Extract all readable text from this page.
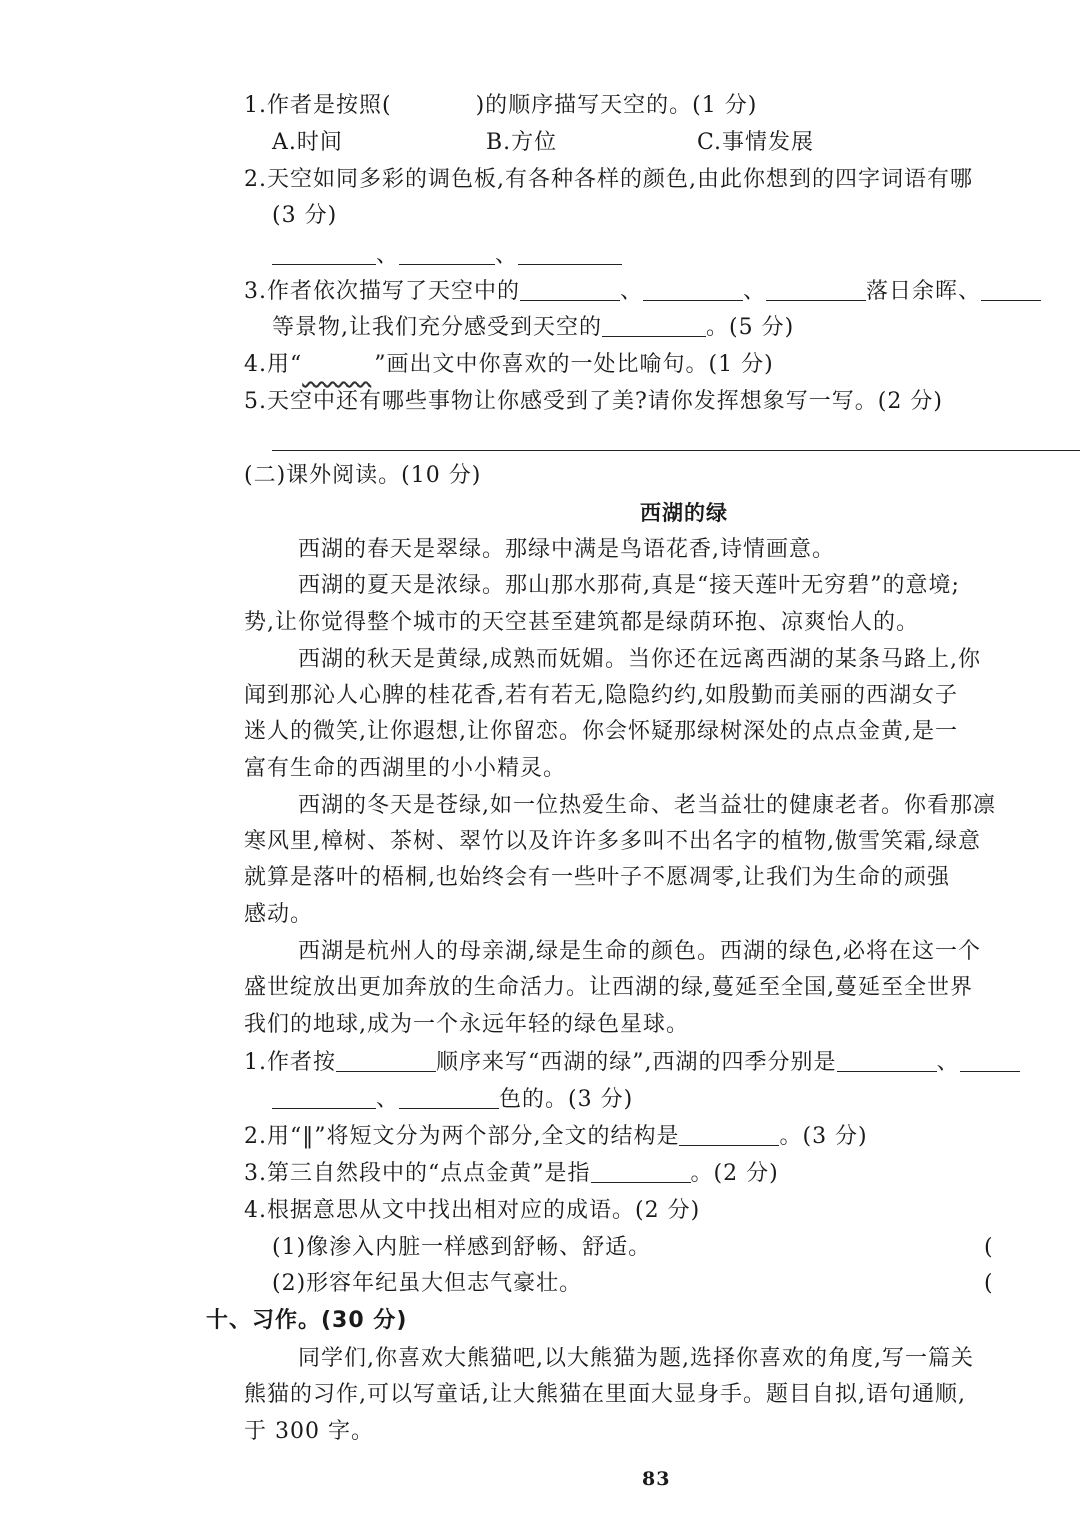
1.作者是按照(	)的顺序描写天空的。(1 分)
A.时间	B.方位	C.事情发展
2.天空如同多彩的调色板,有各种各样的颜色,由此你想到的四字词语有哪
(3 分)
、	、
3.作者依次描写了天空中的	、	、	落日余晖、
等景物,让我们充分感受到天空的	。(5 分)
4.用“	”画出文中你喜欢的一处比喻句。(1 分)
5.天空中还有哪些事物让你感受到了美?请你发挥想象写一写。(2 分)
(二)课外阅读。(10 分)
西湖的绿
西湖的春天是翠绿。那绿中满是鸟语花香,诗情画意。
西湖的夏天是浓绿。那山那水那荷,真是“接天莲叶无穷碧”的意境;
势,让你觉得整个城市的天空甚至建筑都是绿荫环抱、凉爽怡人的。
西湖的秋天是黄绿,成熟而妩媚。当你还在远离西湖的某条马路上,你
闻到那沁人心脾的桂花香,若有若无,隐隐约约,如殷勤而美丽的西湖女子
迷人的微笑,让你遐想,让你留恋。你会怀疑那绿树深处的点点金黄,是一
富有生命的西湖里的小小精灵。
西湖的冬天是苍绿,如一位热爱生命、老当益壮的健康老者。你看那凛
寒风里,樟树、茶树、翠竹以及许许多多叫不出名字的植物,傲雪笑霜,绿意
就算是落叶的梧桐,也始终会有一些叶子不愿凋零,让我们为生命的顽强
感动。
西湖是杭州人的母亲湖,绿是生命的颜色。西湖的绿色,必将在这一个
盛世绽放出更加奔放的生命活力。让西湖的绿,蔓延至全国,蔓延至全世界
我们的地球,成为一个永远年轻的绿色星球。
1.作者按	顺序来写“西湖的绿”,西湖的四季分别是	、
、	色的。(3 分)
2.用“‖”将短文分为两个部分,全文的结构是	。(3 分)
3.第三自然段中的“点点金黄”是指	。(2 分)
4.根据意思从文中找出相对应的成语。(2 分)
(1)像渗入内脏一样感到舒畅、舒适。	(
(2)形容年纪虽大但志气豪壮。	(
十、习作。(30 分)
同学们,你喜欢大熊猫吧,以大熊猫为题,选择你喜欢的角度,写一篇关
熊猫的习作,可以写童话,让大熊猫在里面大显身手。题目自拟,语句通顺,
于 300 字。
83
